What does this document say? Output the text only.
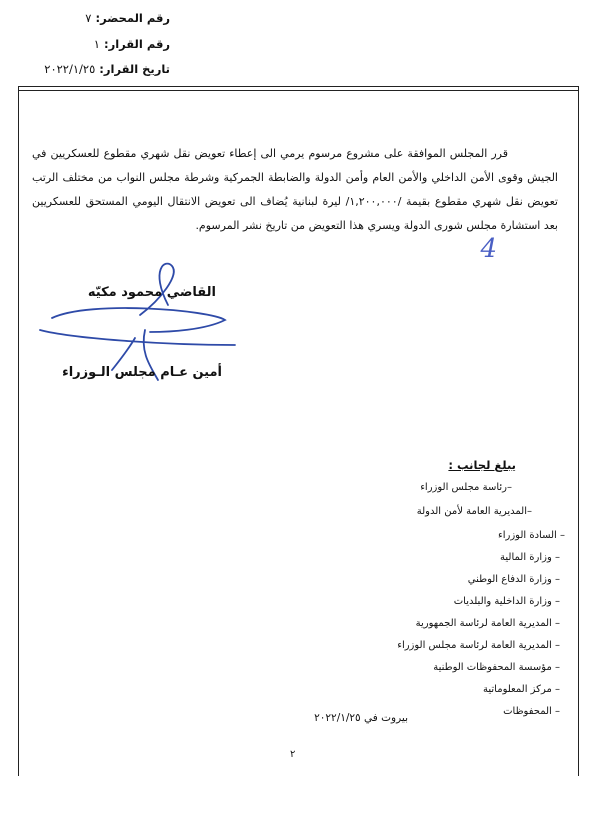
رقم المحضر: ٧
رقم القرار: ١
تاريخ القرار: ٢٠٢٢/١/٢٥

قرر المجلس الموافقة على مشروع مرسوم يرمي الى إعطاء تعويض نقل شهري مقطوع للعسكريين في الجيش وقوى الأمن الداخلي والأمن العام وأمن الدولة والضابطة الجمركية وشرطة مجلس النواب من مختلف الرتب تعويض نقل شهري مقطوع بقيمة /١,٢٠٠,٠٠٠/ ليرة لبنانية يُضاف الى تعويض الانتقال اليومي المستحق للعسكريين بعد استشارة مجلس شورى الدولة ويسري هذا التعويض من تاريخ نشر المرسوم.

4
القاضي محمود مكيّه
أمين عـام مجلس الـوزراء
يبلغ لجانب :
–رئاسة مجلس الوزراء
–المديرية العامة لأمن الدولة
– السادة الوزراء
– وزارة المالية
– وزارة الدفاع الوطني
– وزارة الداخلية والبلديات
– المديرية العامة لرئاسة الجمهورية
– المديرية العامة لرئاسة مجلس الوزراء
– مؤسسة المحفوظات الوطنية
– مركز المعلوماتية
– المحفوظات
بيروت في ٢٠٢٢/١/٢٥
٢
